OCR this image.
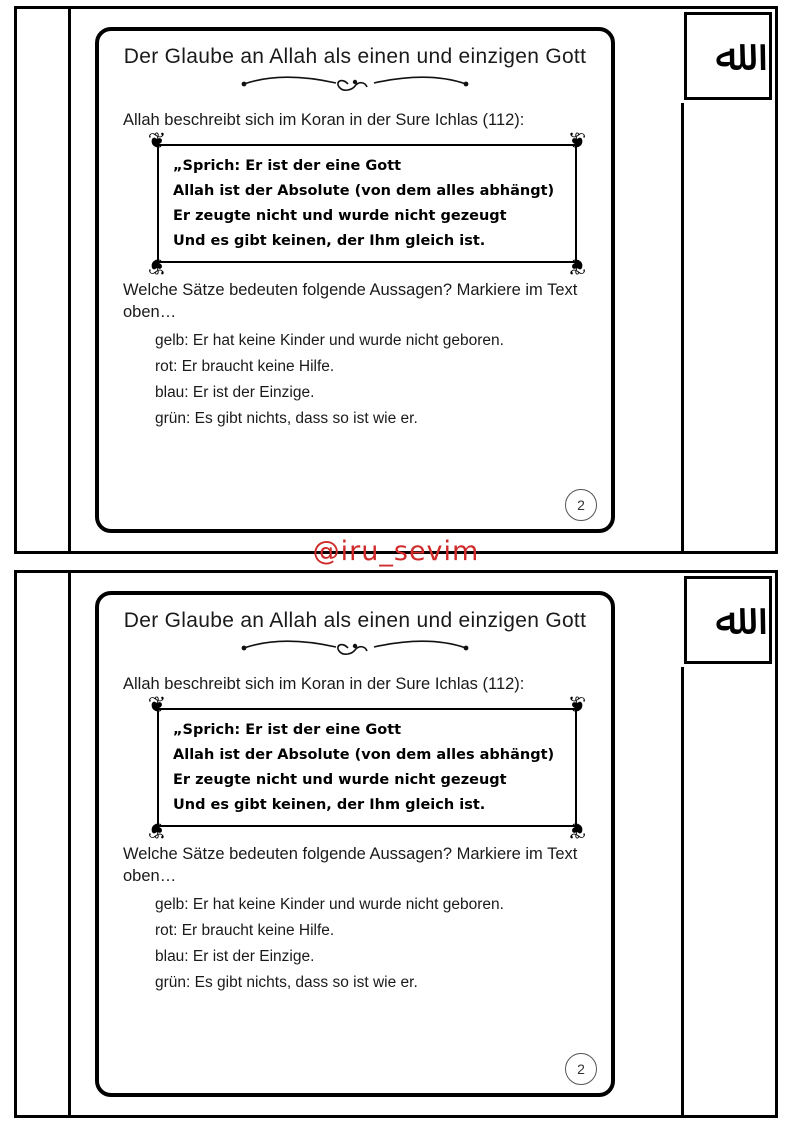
ﷲ
Der Glaube an Allah als einen und einzigen Gott
Allah beschreibt sich im Koran in der Sure Ichlas (112):
❦	❦
❦	❦

„Sprich: Er ist der eine Gott

Allah ist der Absolute (von dem alles abhängt)

Er zeugte nicht und wurde nicht gezeugt

Und es gibt keinen, der Ihm gleich ist.

Welche Sätze bedeuten folgende Aussagen? Markiere im Text
oben…
gelb: Er hat keine Kinder und wurde nicht geboren.
rot: Er braucht keine Hilfe.
blau: Er ist der Einzige.
grün: Es gibt nichts, dass so ist wie er.
2
@iru_sevim
ﷲ
Der Glaube an Allah als einen und einzigen Gott
Allah beschreibt sich im Koran in der Sure Ichlas (112):
❦	❦
❦	❦

„Sprich: Er ist der eine Gott

Allah ist der Absolute (von dem alles abhängt)

Er zeugte nicht und wurde nicht gezeugt

Und es gibt keinen, der Ihm gleich ist.

Welche Sätze bedeuten folgende Aussagen? Markiere im Text
oben…
gelb: Er hat keine Kinder und wurde nicht geboren.
rot: Er braucht keine Hilfe.
blau: Er ist der Einzige.
grün: Es gibt nichts, dass so ist wie er.
2
